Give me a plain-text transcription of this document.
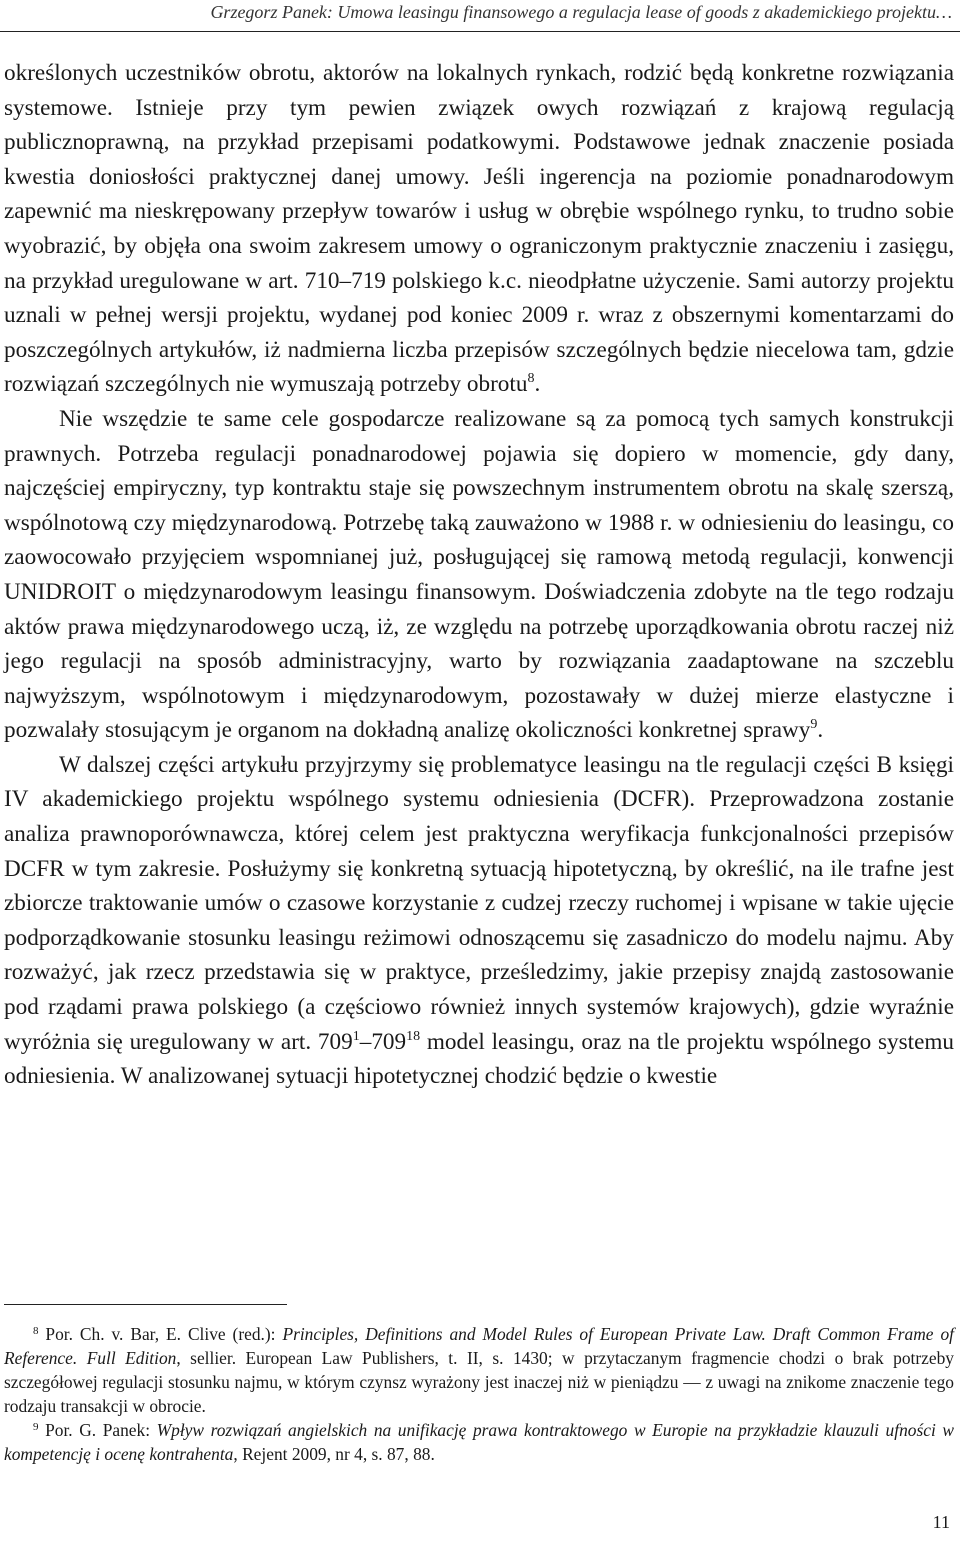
Grzegorz Panek: Umowa leasingu finansowego a regulacja lease of goods z akademickiego projektu…

określonych uczestników obrotu, aktorów na lokalnych rynkach, rodzić będą konkretne rozwiązania systemowe. Istnieje przy tym pewien związek owych rozwiązań z krajową regulacją publicznoprawną, na przykład przepisami podatkowymi. Podstawowe jednak znaczenie posiada kwestia doniosłości praktycznej danej umowy. Jeśli ingerencja na poziomie ponadnarodowym zapewnić ma nieskrępowany przepływ towarów i usług w obrębie wspólnego rynku, to trudno sobie wyobrazić, by objęła ona swoim zakresem umowy o ograniczonym praktycznie znaczeniu i zasięgu, na przykład uregulowane w art. 710–719 polskiego k.c. nieodpłatne użyczenie. Sami autorzy projektu uznali w pełnej wersji projektu, wydanej pod koniec 2009 r. wraz z obszernymi komentarzami do poszczególnych artykułów, iż nadmierna liczba przepisów szczególnych będzie niecelowa tam, gdzie rozwiązań szczególnych nie wymuszają potrzeby obrotu$^8$.

Nie wszędzie te same cele gospodarcze realizowane są za pomocą tych samych konstrukcji prawnych. Potrzeba regulacji ponadnarodowej pojawia się dopiero w momencie, gdy dany, najczęściej empiryczny, typ kontraktu staje się powszechnym instrumentem obrotu na skalę szerszą, wspólnotową czy międzynarodową. Potrzebę taką zauważono w 1988 r. w odniesieniu do leasingu, co zaowocowało przyjęciem wspomnianej już, posługującej się ramową metodą regulacji, konwencji UNIDROIT o międzynarodowym leasingu finansowym. Doświadczenia zdobyte na tle tego rodzaju aktów prawa międzynarodowego uczą, iż, ze względu na potrzebę uporządkowania obrotu raczej niż jego regulacji na sposób administracyjny, warto by rozwiązania zaadaptowane na szczeblu najwyższym, wspólnotowym i międzynarodowym, pozostawały w dużej mierze elastyczne i pozwalały stosującym je organom na dokładną analizę okoliczności konkretnej sprawy$^9$.

W dalszej części artykułu przyjrzymy się problematyce leasingu na tle regulacji części B księgi IV akademickiego projektu wspólnego systemu odniesienia (DCFR). Przeprowadzona zostanie analiza prawnoporównawcza, której celem jest praktyczna weryfikacja funkcjonalności przepisów DCFR w tym zakresie. Posłużymy się konkretną sytuacją hipotetyczną, by określić, na ile trafne jest zbiorcze traktowanie umów o czasowe korzystanie z cudzej rzeczy ruchomej i wpisane w takie ujęcie podporządkowanie stosunku leasingu reżimowi odnoszącemu się zasadniczo do modelu najmu. Aby rozważyć, jak rzecz przedstawia się w praktyce, prześledzimy, jakie przepisy znajdą zastosowanie pod rządami prawa polskiego (a częściowo również innych systemów krajowych), gdzie wyraźnie wyróżnia się uregulowany w art. $709^1-709^{18}$ model leasingu, oraz na tle projektu wspólnego systemu odniesienia. W analizowanej sytuacji hipotetycznej chodzić będzie o kwestie

$^8$ Por. Ch. v. Bar, E. Clive (red.): Principles, Definitions and Model Rules of European Private Law. Draft Common Frame of Reference. Full Edition, sellier. European Law Publishers, t. II, s. 1430; w przytaczanym fragmencie chodzi o brak potrzeby szczegółowej regulacji stosunku najmu, w którym czynsz wyrażony jest inaczej niż w pieniądzu — z uwagi na znikome znaczenie tego rodzaju transakcji w obrocie.

$^9$ Por. G. Panek: Wpływ rozwiązań angielskich na unifikację prawa kontraktowego w Europie na przykładzie klauzuli ufności w kompetencję i ocenę kontrahenta, Rejent 2009, nr 4, s. 87, 88.

11
